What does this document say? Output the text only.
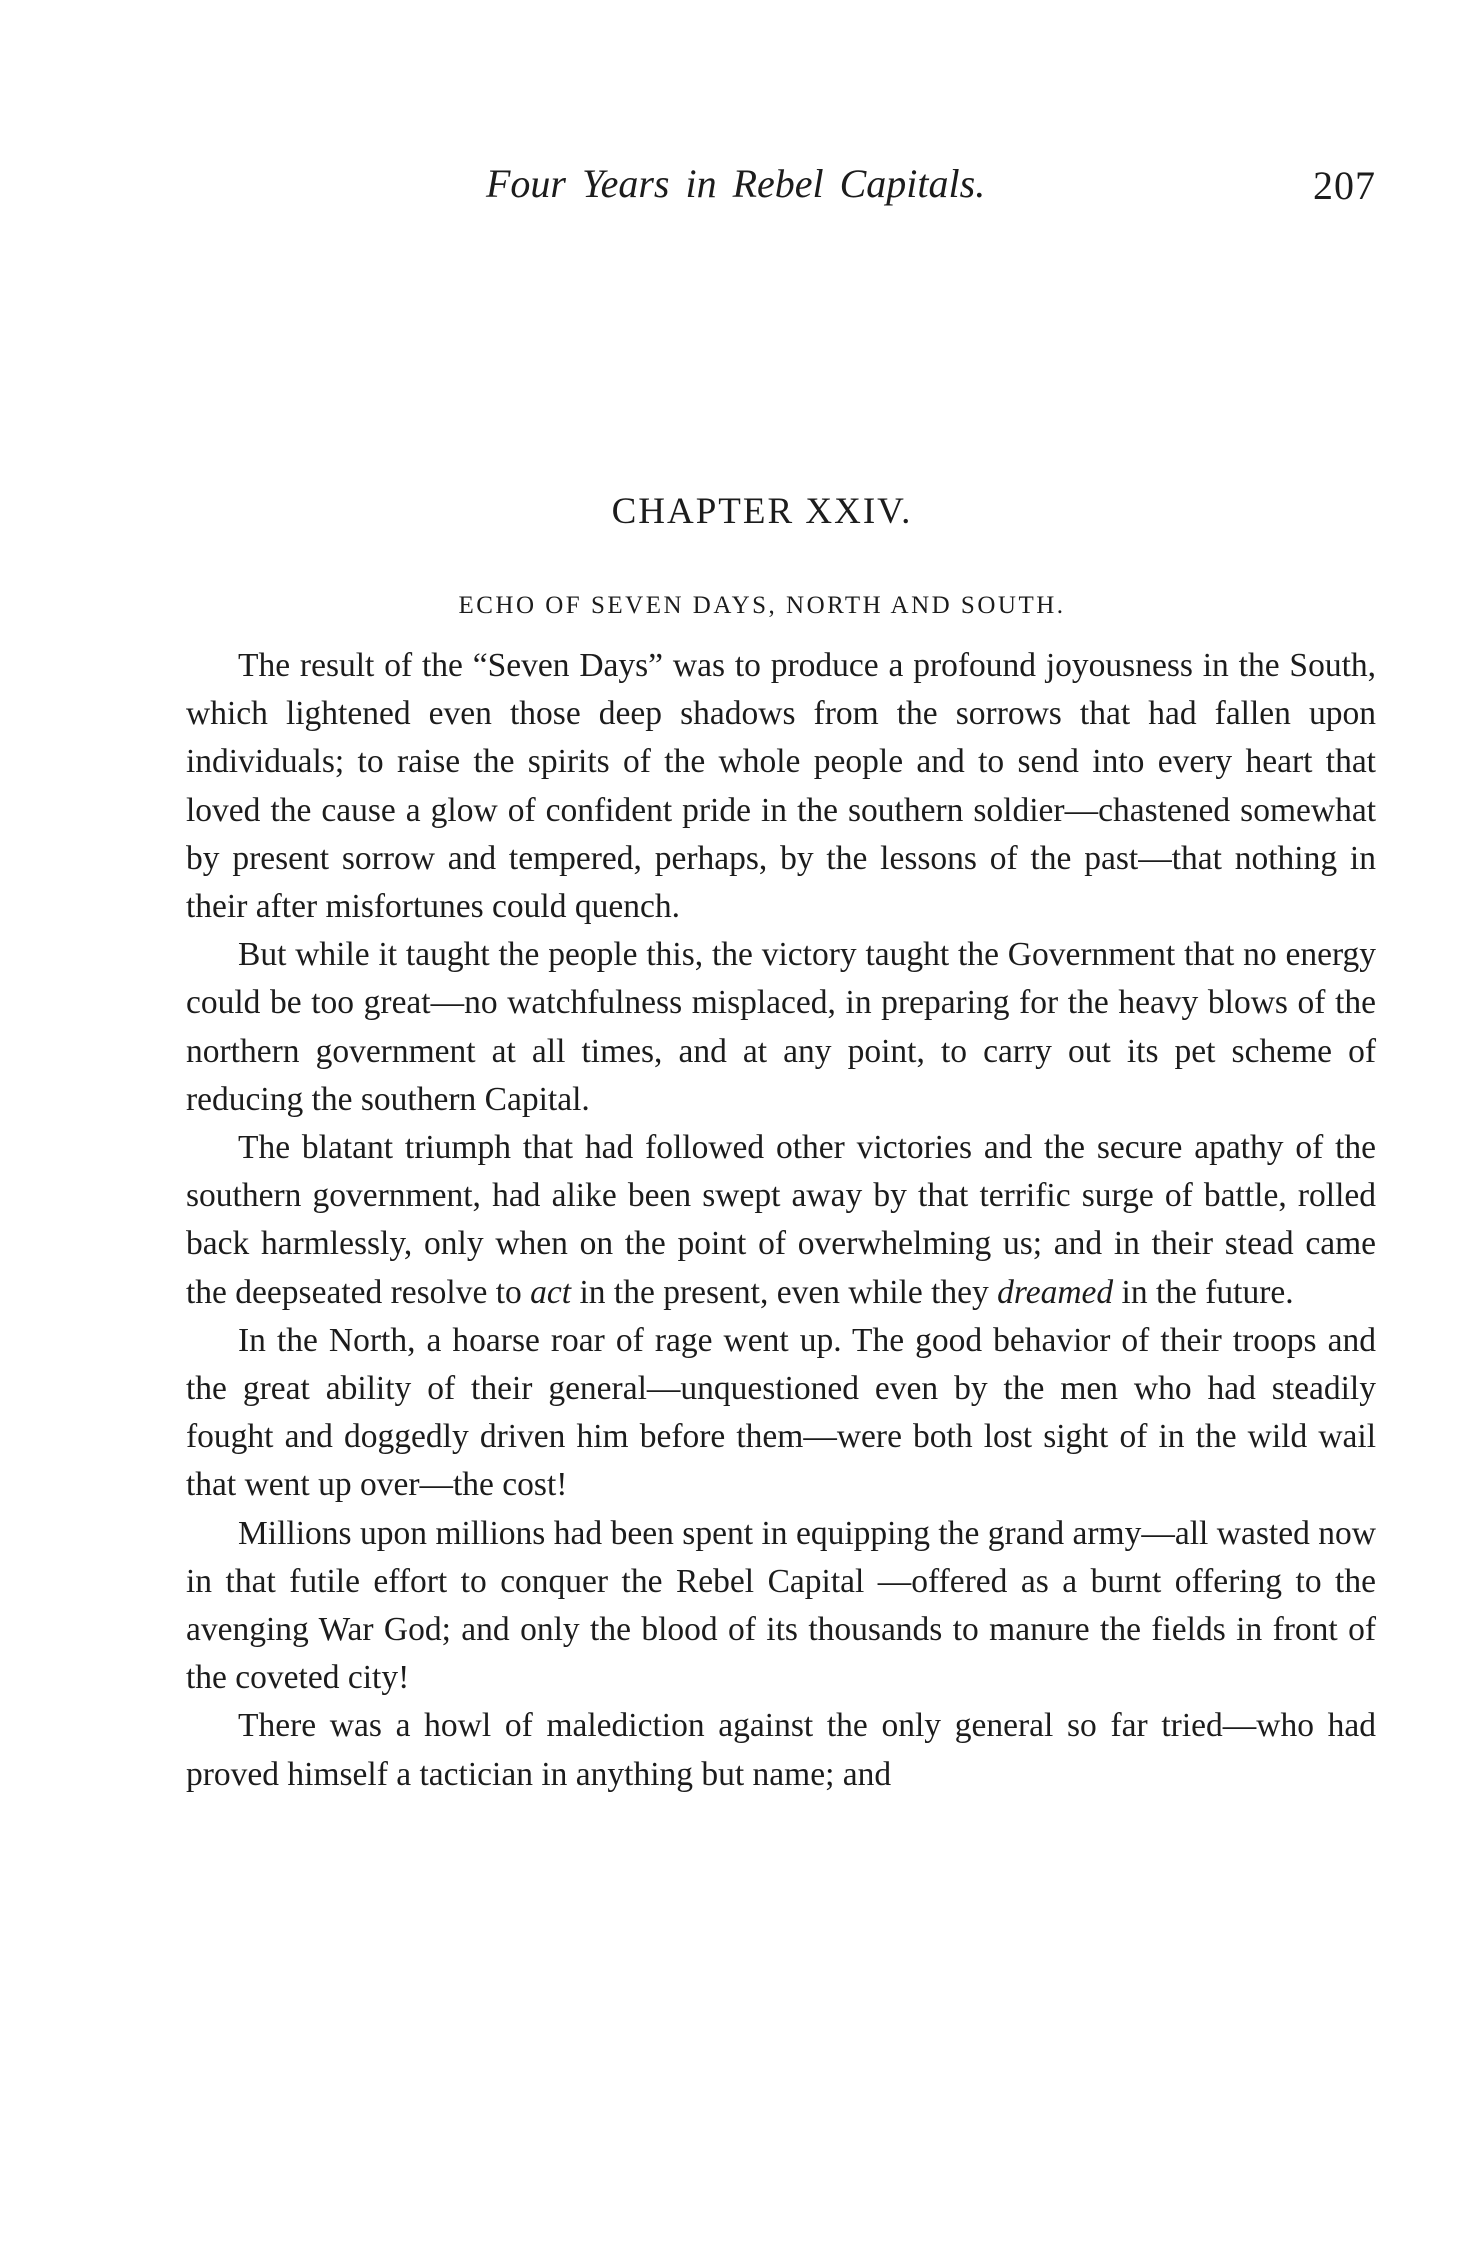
Four Years in Rebel Capitals.	207
CHAPTER XXIV.
ECHO OF SEVEN DAYS, NORTH AND SOUTH.

The result of the “Seven Days” was to produce a profound joyousness in the South, which lightened even those deep shadows from the sorrows that had fallen upon individuals; to raise the spirits of the whole people and to send into every heart that loved the cause a glow of confident pride in the southern soldier—chastened somewhat by present sorrow and tempered, perhaps, by the lessons of the past—that nothing in their after misfortunes could quench.

But while it taught the people this, the victory taught the Government that no energy could be too great—no watchfulness misplaced, in preparing for the heavy blows of the northern government at all times, and at any point, to carry out its pet scheme of reducing the southern Capital.

The blatant triumph that had followed other victories and the secure apathy of the southern government, had alike been swept away by that terrific surge of battle, rolled back harmlessly, only when on the point of overwhelming us; and in their stead came the deepseated resolve to act in the present, even while they dreamed in the future.

In the North, a hoarse roar of rage went up. The good behavior of their troops and the great ability of their general—unquestioned even by the men who had steadily fought and doggedly driven him before them—were both lost sight of in the wild wail that went up over—the cost!

Millions upon millions had been spent in equipping the grand army—all wasted now in that futile effort to conquer the Rebel Capital —offered as a burnt offering to the avenging War God; and only the blood of its thousands to manure the fields in front of the coveted city!

There was a howl of malediction against the only general so far tried—who had proved himself a tactician in anything but name; and
